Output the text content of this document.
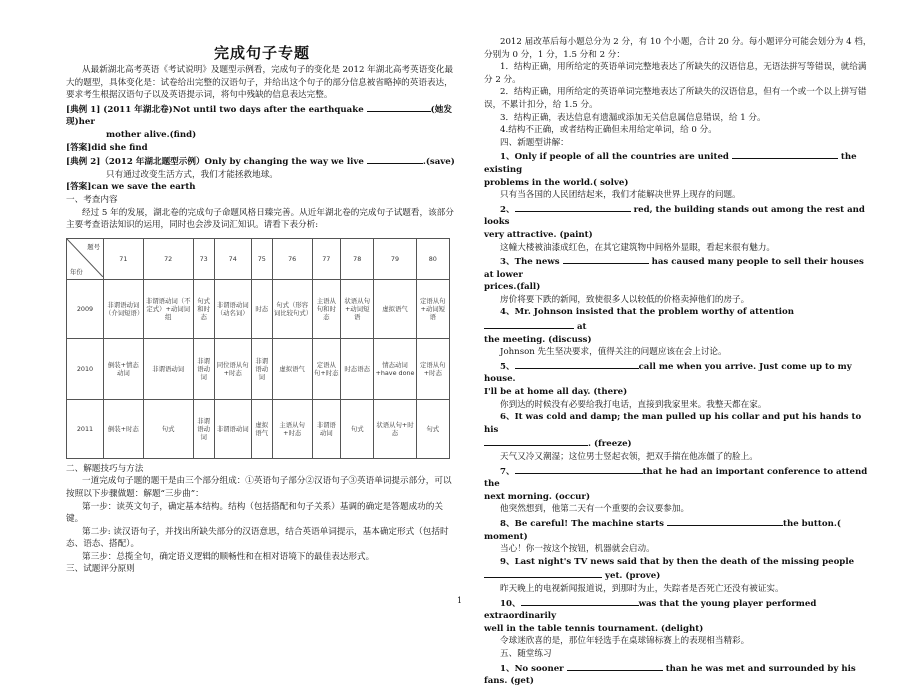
完成句子专题

从最新湖北高考英语《考试说明》及题型示例看，完成句子的变化是 2012 年湖北高考英语变化最大的题型，具体变化是：试卷给出完整的汉语句子，并给出这个句子的部分信息被省略掉的英语表达，要求考生根据汉语句子以及英语提示词，将句中残缺的信息表达完整。

[典例 1] (2011 年湖北卷)Not until two days after the earthquake	(她发现)her

mother alive.(find)

[答案]did she find

[典例 2]（2012 年湖北题型示例）Only by changing the way we live	.(save)

只有通过改变生活方式，我们才能拯救地球。

[答案]can we save the earth

一、考查内容

经过 5 年的发展，湖北卷的完成句子命题风格日臻完善。从近年湖北卷的完成句子试题看，该部分主要考查语法知识的运用，同时也会涉及词汇知识。请看下表分析:

题号
年份	71	72	73	74	75	76	77	78	79	80
2009	非谓语动词（介词短语）	非谓语动词（不定式）+动词词组	句式和时态	非谓语动词（动名词）	时态	句式（形容词比较句式）	主语从句和时态	状语从句+动词短语	虚拟语气	定语从句+动词短语
2010	倒装+情态动词	非谓语动词	非谓语动词	同位语从句+时态	非谓语动词	虚拟语气	定语从句+时态	时态语态	情态动词+have done	定语从句+时态
2011	倒装+时态	句式	非谓语动词	非谓语动词	虚拟语气	主语从句+时态	非谓语动词	句式	状语从句+时态	句式

二、解题技巧与方法

一道完成句子题的题干是由三个部分组成：①英语句子部分②汉语句子③英语单词提示部分，可以按照以下步骤做题：解题“三步曲”：

第一步：读英文句子，确定基本结构。结构（包括搭配和句子关系）基调的确定是答题成功的关键。

第二步: 读汉语句子，并找出所缺失部分的汉语意思，结合英语单词提示，基本确定形式（包括时态、语态、搭配）。

第三步：总揽全句，确定语义逻辑的顺畅性和在相对语境下的最佳表达形式。

三、试题评分原则

2012 届改革后每小题总分为 2 分，有 10 个小题，合计 20 分。每小题评分可能会划分为 4 档，分别为 0 分，1 分，1.5 分和 2 分：

1．结构正确，用所给定的英语单词完整地表达了所缺失的汉语信息，无语法拼写等错误，就给满分 2 分。

2．结构正确，用所给定的英语单词完整地表达了所缺失的汉语信息，但有一个或一个以上拼写错误，不累计扣分，给 1.5 分。

3．结构正确，表达信息有遗漏或添加无关信息属信息错误，给 1 分。

4.结构不正确，或者结构正确但未用给定单词，给 0 分。

四、新题型讲解：

1、Only if people of all the countries are united	the existing

problems in the world.( solve)

只有当各国的人民团结起来，我们才能解决世界上现存的问题。

2、	red, the building stands out among the rest and looks

very attractive. (paint)

这幢大楼被油漆成红色，在其它建筑物中间格外显眼，看起来很有魅力。

3、The news	has caused many people to sell their houses at lower

prices.(fall)

房价将要下跌的新闻，致使很多人以较低的价格卖掉他们的房子。

4、Mr. Johnson insisted that the problem worthy of attention  at

the meeting. (discuss)

Johnson 先生坚决要求，值得关注的问题应该在会上讨论。

5、	call me when you arrive. Just come up to my house.

I'll be at home all day. (there)

你到达的时候没有必要给我打电话，直接到我家里来。我整天都在家。

6、It was cold and damp; the man pulled up his collar and put his hands to his

. (freeze)

天气又冷又潮湿；这位男士竖起衣领，把双手揣在他冻僵了的脸上。

7、	that he had an important conference to attend the

next morning. (occur)

他突然想到，他第二天有一个重要的会议要参加。

8、Be careful! The machine starts	the button.( moment)

当心！你一按这个按钮，机器就会启动。

9、Last night's TV news said that by then the death of the missing people

yet. (prove)

昨天晚上的电视新闻报道说，到那时为止，失踪者是否死亡还没有被证实。

10、	was that the young player performed extraordinarily

well in the table tennis tournament. (delight)

令球迷欣喜的是，那位年轻选手在桌球锦标赛上的表现相当精彩。

五、随堂练习

1、No sooner	than he was met and surrounded by his fans. (get)

1
